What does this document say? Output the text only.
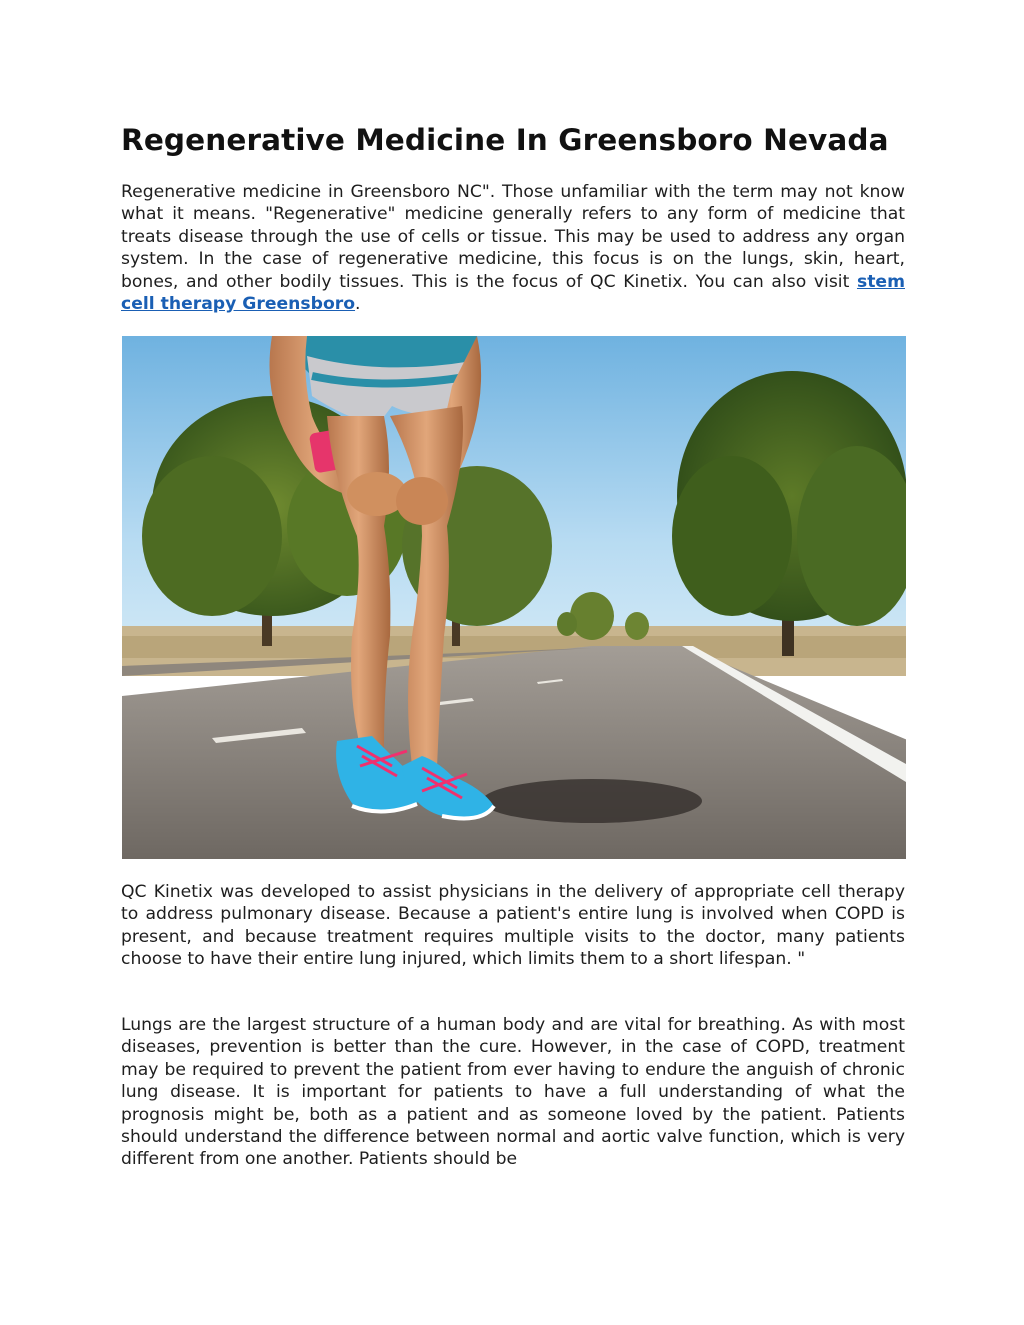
Regenerative Medicine In Greensboro Nevada

Regenerative medicine in Greensboro NC". Those unfamiliar with the term may not know what it means. "Regenerative" medicine generally refers to any form of medicine that treats disease through the use of cells or tissue. This may be used to address any organ system. In the case of regenerative medicine, this focus is on the lungs, skin, heart, bones, and other bodily tissues. This is the focus of QC Kinetix. You can also visit stem cell therapy Greensboro.

QC Kinetix was developed to assist physicians in the delivery of appropriate cell therapy to address pulmonary disease. Because a patient's entire lung is involved when COPD is present, and because treatment requires multiple visits to the doctor, many patients choose to have their entire lung injured, which limits them to a short lifespan. "

Lungs are the largest structure of a human body and are vital for breathing. As with most diseases, prevention is better than the cure. However, in the case of COPD, treatment may be required to prevent the patient from ever having to endure the anguish of chronic lung disease. It is important for patients to have a full understanding of what the prognosis might be, both as a patient and as someone loved by the patient. Patients should understand the difference between normal and aortic valve function, which is very different from one another. Patients should be
